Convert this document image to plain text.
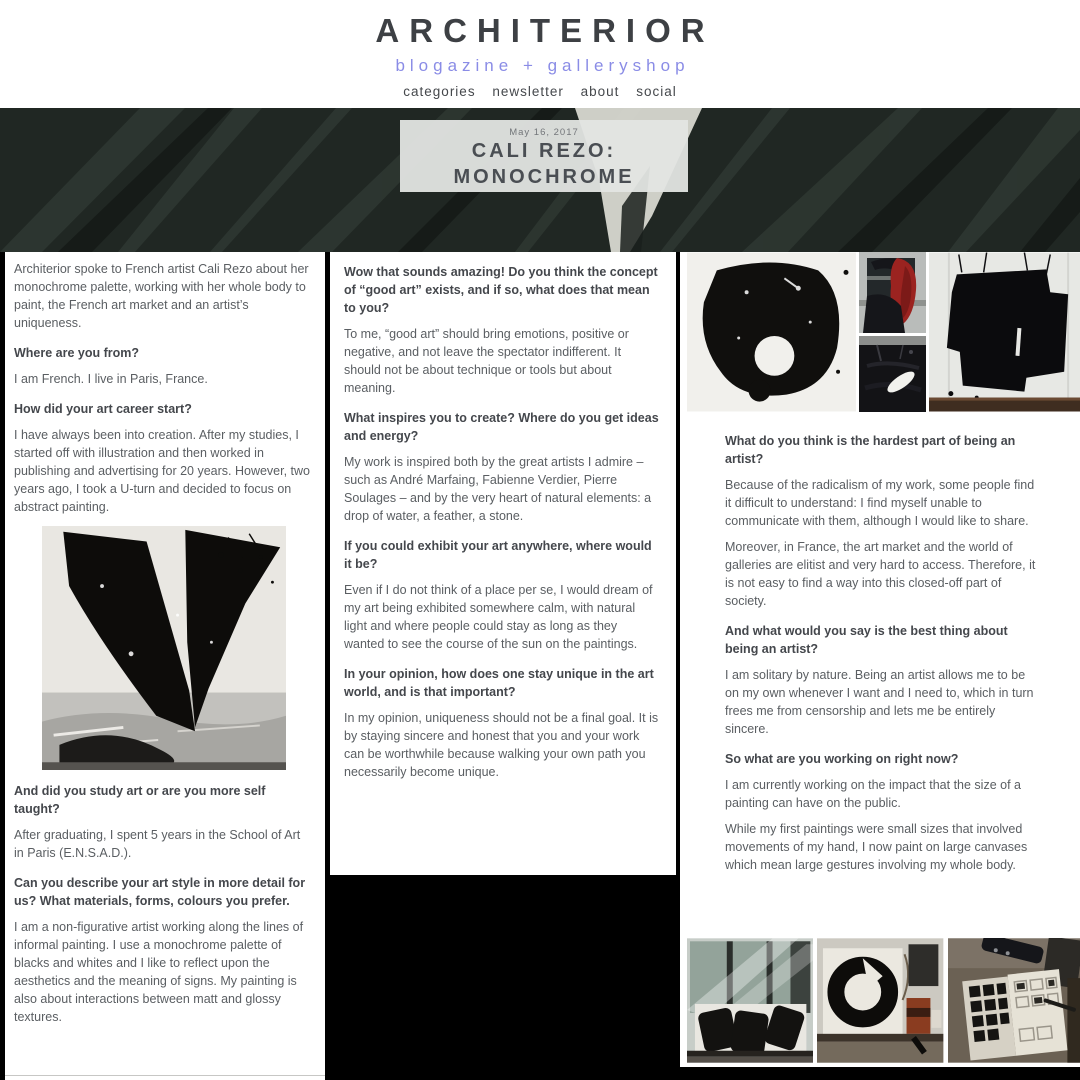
ARCHITERIOR
blogazine + galleryshop
categories newsletter about social
May 16, 2017
CALI REZO:
MONOCHROME

Architerior spoke to French artist Cali Rezo about her monochrome palette, working with her whole body to paint, the French art market and an artist’s uniqueness.

Where are you from?

I am French. I live in Paris, France.

How did your art career start?

I have always been into creation. After my studies, I started off with illustration and then worked in publishing and advertising for 20 years. However, two years ago, I took a U-turn and decided to focus on abstract painting.

And did you study art or are you more self taught?

After graduating, I spent 5 years in the School of Art in Paris (E.N.S.A.D.).

Can you describe your art style in more detail for us? What materials, forms, colours you prefer.

I am a non-figurative artist working along the lines of informal painting. I use a monochrome palette of blacks and whites and I like to reflect upon the aesthetics and the meaning of signs. My painting is also about interactions between matt and glossy textures.

Wow that sounds amazing! Do you think the concept of “good art” exists, and if so, what does that mean to you?

To me, “good art” should bring emotions, positive or negative, and not leave the spectator indifferent. It should not be about technique or tools but about meaning.

What inspires you to create? Where do you get ideas and energy?

My work is inspired both by the great artists I admire – such as André Marfaing, Fabienne Verdier, Pierre Soulages – and by the very heart of natural elements: a drop of water, a feather, a stone.

If you could exhibit your art anywhere, where would it be?

Even if I do not think of a place per se, I would dream of my art being exhibited somewhere calm, with natural light and where people could stay as long as they wanted to see the course of the sun on the paintings.

In your opinion, how does one stay unique in the art world, and is that important?

In my opinion, uniqueness should not be a final goal. It is by staying sincere and honest that you and your work can be worthwhile because walking your own path you necessarily become unique.

What do you think is the hardest part of being an artist?

Because of the radicalism of my work, some people find it difficult to understand: I find myself unable to communicate with them, although I would like to share.

Moreover, in France, the art market and the world of galleries are elitist and very hard to access. Therefore, it is not easy to find a way into this closed-off part of society.

And what would you say is the best thing about being an artist?

I am solitary by nature. Being an artist allows me to be on my own whenever I want and I need to, which in turn frees me from censorship and lets me be entirely sincere.

So what are you working on right now?

I am currently working on the impact that the size of a painting can have on the public.

While my first paintings were small sizes that involved movements of my hand, I now paint on large canvases which mean large gestures involving my whole body.
